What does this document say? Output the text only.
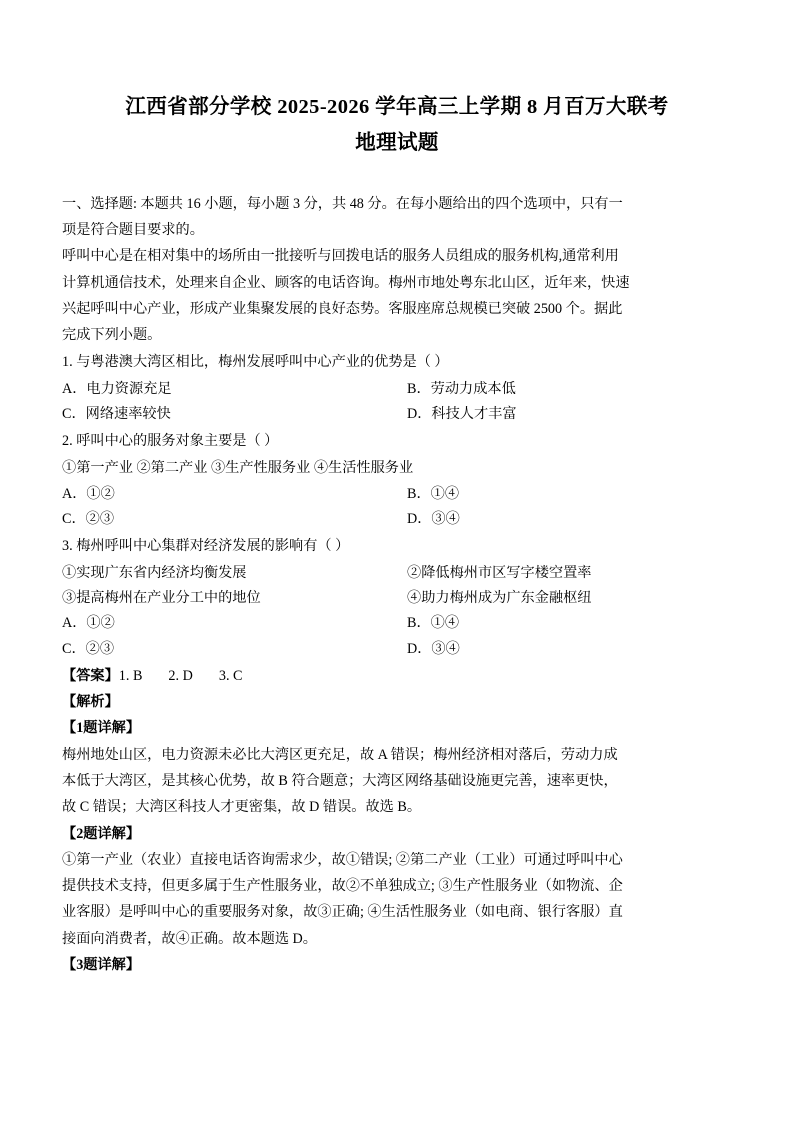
江西省部分学校 2025-2026 学年高三上学期 8 月百万大联考
地理试题

一、选择题: 本题共 16 小题，每小题 3 分，共 48 分。在每小题给出的四个选项中，只有一

项是符合题目要求的。

呼叫中心是在相对集中的场所由一批接听与回拨电话的服务人员组成的服务机构,通常利用

计算机通信技术，处理来自企业、顾客的电话咨询。梅州市地处粤东北山区，近年来，快速

兴起呼叫中心产业，形成产业集聚发展的良好态势。客服座席总规模已突破 2500 个。据此

完成下列小题。

1. 与粤港澳大湾区相比，梅州发展呼叫中心产业的优势是（ ）

A．电力资源充足	B．劳动力成本低
C．网络速率较快	D．科技人才丰富

2. 呼叫中心的服务对象主要是（ ）

①第一产业 ②第二产业 ③生产性服务业 ④生活性服务业

A．①②	B．①④
C．②③	D．③④

3. 梅州呼叫中心集群对经济发展的影响有（ ）

①实现广东省内经济均衡发展	②降低梅州市区写字楼空置率
③提高梅州在产业分工中的地位	④助力梅州成为广东金融枢纽
A．①②	B．①④
C．②③	D．③④

【答案】1. B 2. D 3. C

【解析】

【1题详解】

梅州地处山区，电力资源未必比大湾区更充足，故 A 错误；梅州经济相对落后，劳动力成

本低于大湾区，是其核心优势，故 B 符合题意；大湾区网络基础设施更完善，速率更快，

故 C 错误；大湾区科技人才更密集，故 D 错误。故选 B。

【2题详解】

①第一产业（农业）直接电话咨询需求少，故①错误; ②第二产业（工业）可通过呼叫中心

提供技术支持，但更多属于生产性服务业，故②不单独成立; ③生产性服务业（如物流、企

业客服）是呼叫中心的重要服务对象，故③正确; ④生活性服务业（如电商、银行客服）直

接面向消费者，故④正确。故本题选 D。

【3题详解】
